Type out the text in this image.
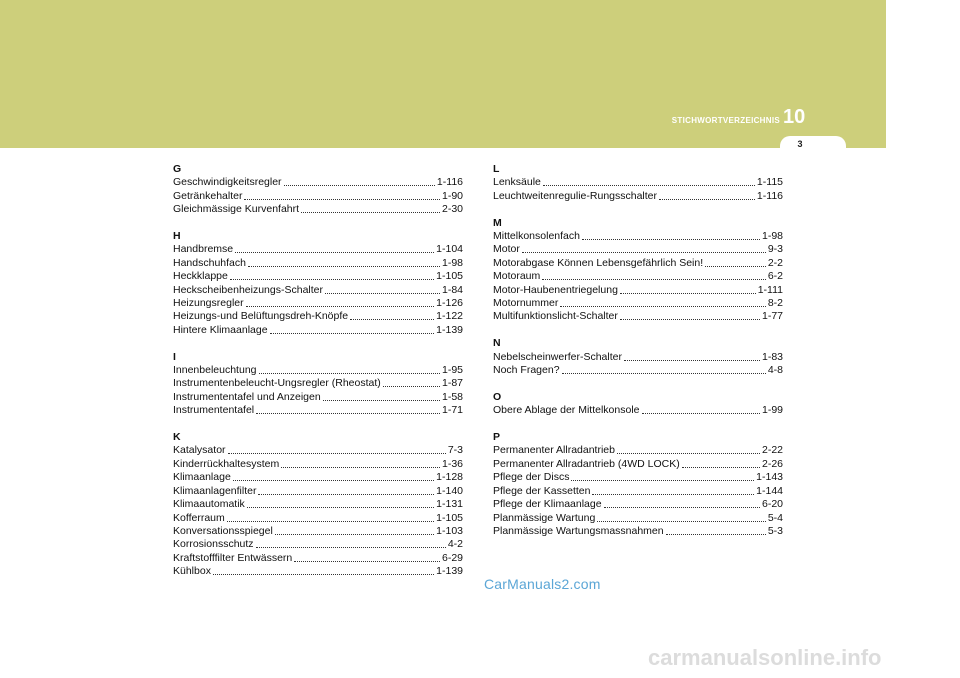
STICHWORTVERZEICHNIS 10
3
G
Geschwindigkeitsregler	1-116
Getränkehalter	1-90
Gleichmässige Kurvenfahrt	2-30
H
Handbremse	1-104
Handschuhfach	1-98
Heckklappe	1-105
Heckscheibenheizungs-Schalter	1-84
Heizungsregler	1-126
Heizungs-und Belüftungsdreh-Knöpfe	1-122
Hintere Klimaanlage	1-139
I
Innenbeleuchtung	1-95
Instrumentenbeleucht-Ungsregler (Rheostat)	1-87
Instrumententafel und Anzeigen	1-58
Instrumententafel	1-71
K
Katalysator	7-3
Kinderrückhaltesystem	1-36
Klimaanlage	1-128
Klimaanlagenfilter	1-140
Klimaautomatik	1-131
Kofferraum	1-105
Konversationsspiegel	1-103
Korrosionsschutz	4-2
Kraftstofffilter Entwässern	6-29
Kühlbox	1-139
L
Lenksäule	1-115
Leuchtweitenregulie-Rungsschalter	1-116
M
Mittelkonsolenfach	1-98
Motor	9-3
Motorabgase Können Lebensgefährlich Sein!	2-2
Motoraum	6-2
Motor-Haubenentriegelung	1-111
Motornummer	8-2
Multifunktionslicht-Schalter	1-77
N
Nebelscheinwerfer-Schalter	1-83
Noch Fragen?	4-8
O
Obere Ablage der Mittelkonsole	1-99
P
Permanenter Allradantrieb	2-22
Permanenter Allradantrieb (4WD LOCK)	2-26
Pflege der Discs	1-143
Pflege der Kassetten	1-144
Pflege der Klimaanlage	6-20
Planmässige Wartung	5-4
Planmässige Wartungsmassnahmen	5-3
CarManuals2.com
carmanualsonline.info
